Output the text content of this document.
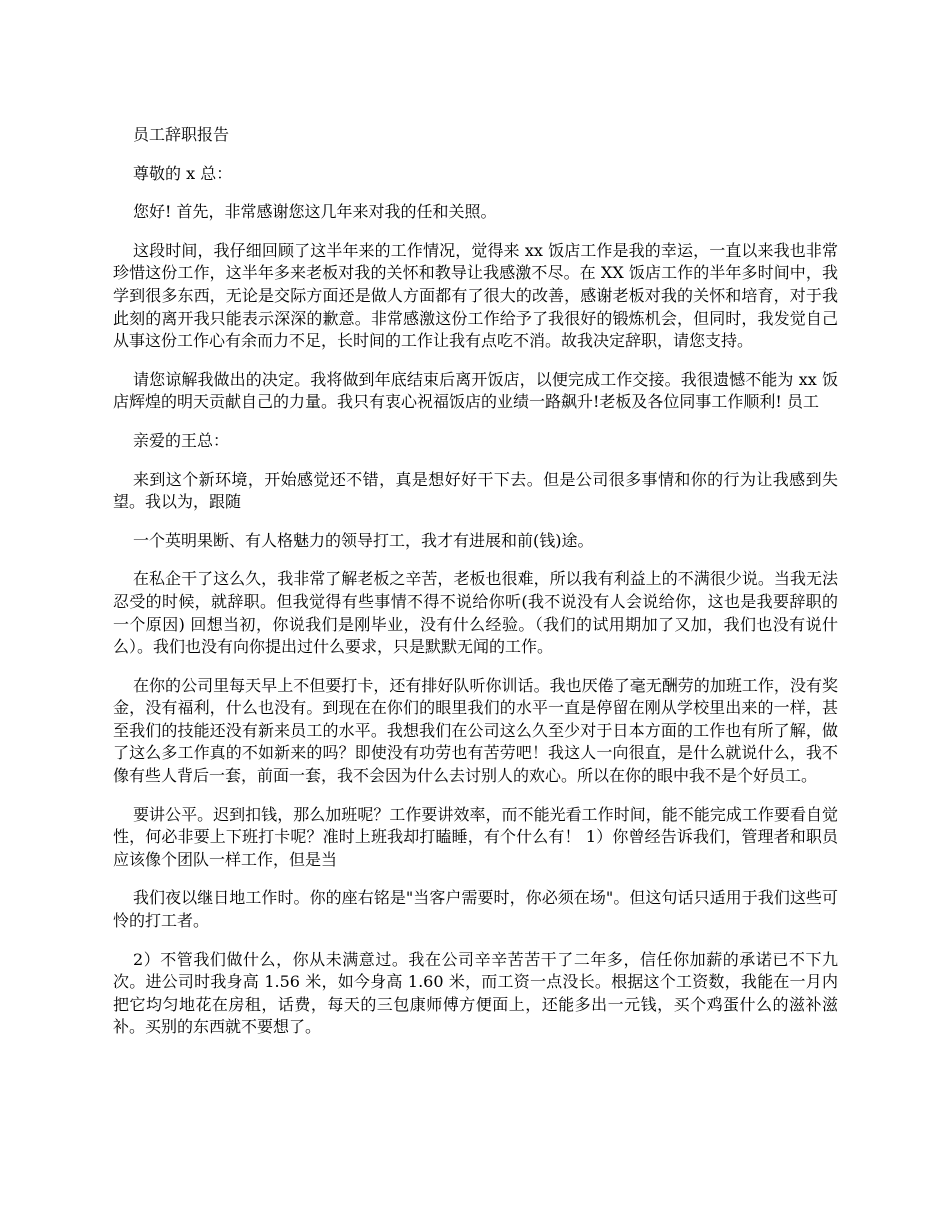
员工辞职报告

尊敬的 x 总：

您好! 首先，非常感谢您这几年来对我的任和关照。

这段时间，我仔细回顾了这半年来的工作情况，觉得来 xx 饭店工作是我的幸运，一直以来我也非常珍惜这份工作，这半年多来老板对我的关怀和教导让我感激不尽。在 XX 饭店工作的半年多时间中，我学到很多东西，无论是交际方面还是做人方面都有了很大的改善，感谢老板对我的关怀和培育，对于我此刻的离开我只能表示深深的歉意。非常感激这份工作给予了我很好的锻炼机会，但同时，我发觉自己从事这份工作心有余而力不足，长时间的工作让我有点吃不消。故我决定辞职，请您支持。

请您谅解我做出的决定。我将做到年底结束后离开饭店，以便完成工作交接。我很遗憾不能为 xx 饭店辉煌的明天贡献自己的力量。我只有衷心祝福饭店的业绩一路飙升!老板及各位同事工作顺利! 员工

亲爱的王总：

来到这个新环境，开始感觉还不错，真是想好好干下去。但是公司很多事情和你的行为让我感到失望。我以为，跟随

一个英明果断、有人格魅力的领导打工，我才有进展和前(钱)途。

在私企干了这么久，我非常了解老板之辛苦，老板也很难，所以我有利益上的不满很少说。当我无法忍受的时候，就辞职。但我觉得有些事情不得不说给你听(我不说没有人会说给你，这也是我要辞职的一个原因) 回想当初，你说我们是刚毕业，没有什么经验。（我们的试用期加了又加，我们也没有说什么）。我们也没有向你提出过什么要求，只是默默无闻的工作。

在你的公司里每天早上不但要打卡，还有排好队听你训话。我也厌倦了毫无酬劳的加班工作，没有奖金，没有福利，什么也没有。到现在在你们的眼里我们的水平一直是停留在刚从学校里出来的一样，甚至我们的技能还没有新来员工的水平。我想我们在公司这么久至少对于日本方面的工作也有所了解，做了这么多工作真的不如新来的吗？即使没有功劳也有苦劳吧！我这人一向很直，是什么就说什么，我不像有些人背后一套，前面一套，我不会因为什么去讨别人的欢心。所以在你的眼中我不是个好员工。

要讲公平。迟到扣钱，那么加班呢？工作要讲效率，而不能光看工作时间，能不能完成工作要看自觉性，何必非要上下班打卡呢？准时上班我却打瞌睡，有个什么有！ 1）你曾经告诉我们，管理者和职员应该像个团队一样工作，但是当

我们夜以继日地工作时。你的座右铭是"当客户需要时，你必须在场"。但这句话只适用于我们这些可怜的打工者。

2）不管我们做什么，你从未满意过。我在公司辛辛苦苦干了二年多，信任你加薪的承诺已不下九次。进公司时我身高 1.56 米，如今身高 1.60 米，而工资一点没长。根据这个工资数，我能在一月内把它均匀地花在房租，话费，每天的三包康师傅方便面上，还能多出一元钱，买个鸡蛋什么的滋补滋补。买别的东西就不要想了。
